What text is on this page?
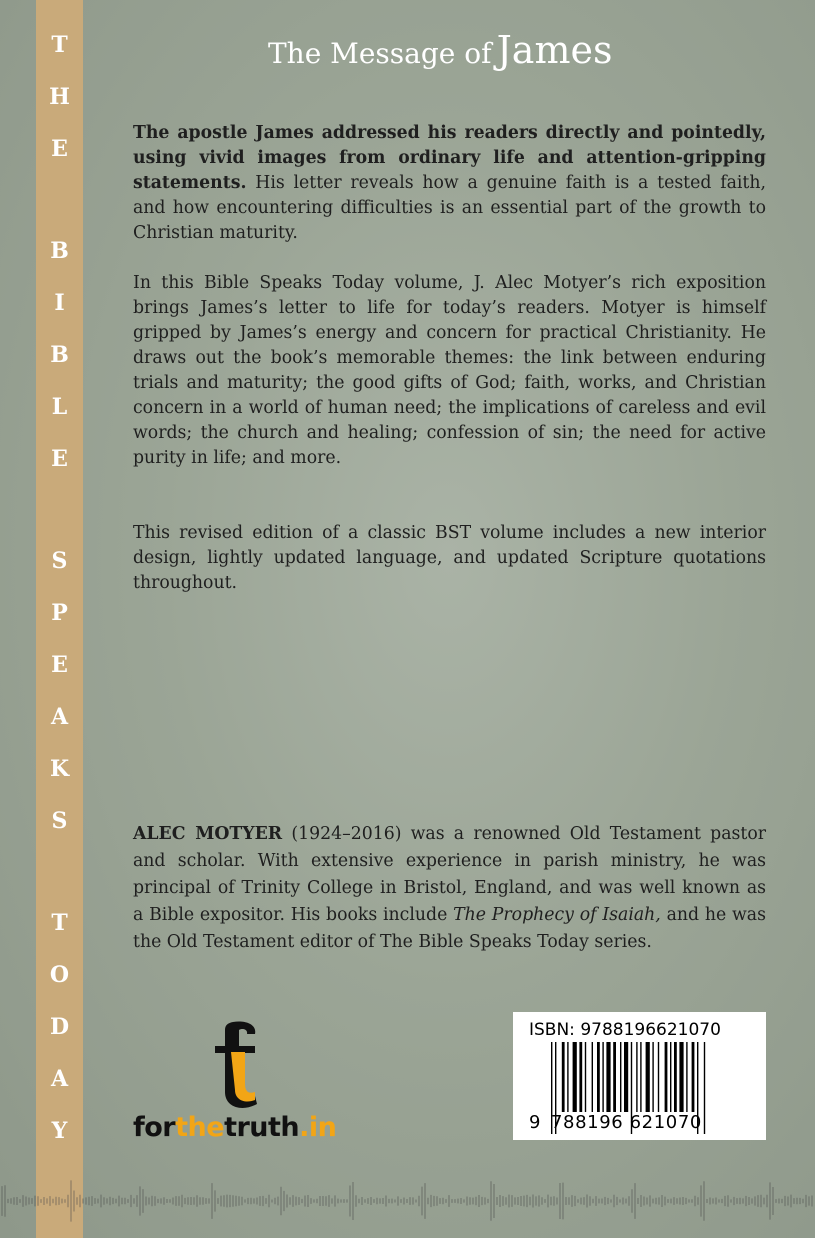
T
H
E
B
I
B
L
E
S
P
E
A
K
S
T
O
D
A
Y
The Message of James

The apostle James addressed his readers directly and pointedly, using vivid images from ordinary life and attention-gripping statements. His letter reveals how a genuine faith is a tested faith, and how encountering difficulties is an essential part of the growth to Christian maturity.

In this Bible Speaks Today volume, J. Alec Motyer’s rich exposition brings James’s letter to life for today’s readers. Motyer is himself gripped by James’s energy and concern for practical Christianity. He draws out the book’s memorable themes: the link between enduring trials and maturity; the good gifts of God; faith, works, and Christian concern in a world of human need; the implications of careless and evil words; the church and healing; confession of sin; the need for active purity in life; and more.

This revised edition of a classic BST volume includes a new interior design, lightly updated language, and updated Scripture quotations throughout.

ALEC MOTYER (1924–2016) was a renowned Old Testament pastor and scholar. With extensive experience in parish ministry, he was principal of Trinity College in Bristol, England, and was well known as a Bible expositor. His books include The Prophecy of Isaiah, and he was the Old Testament editor of The Bible Speaks Today series.

forthetruth.in
ISBN: 9788196621070
9 788196 621070
